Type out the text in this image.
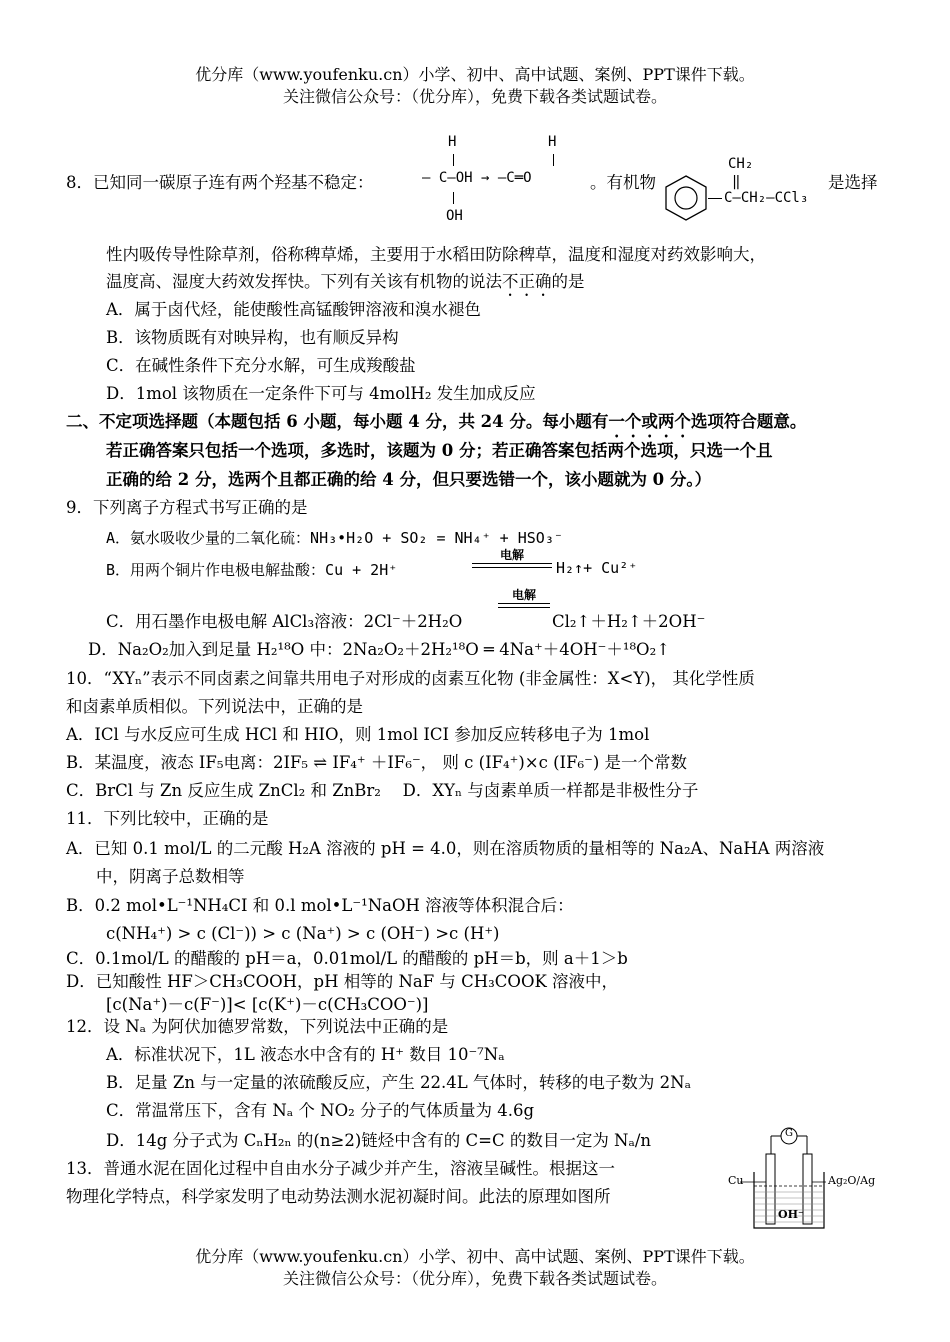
优分库（www.youfenku.cn）小学、初中、高中试题、案例、PPT课件下载。
关注微信公众号：（优分库），免费下载各类试题试卷。
8．已知同一碳原子连有两个羟基不稳定：
H
— C—OH → —C═O
OH
H
。有机物
CH₂
‖
C—CH₂—CCl₃
是选择
性内吸传导性除草剂，俗称稗草烯，主要用于水稻田防除稗草，温度和湿度对药效影响大，
温度高、湿度大药效发挥快。下列有关该有机物的说法不正确的是
A．属于卤代烃，能使酸性高锰酸钾溶液和溴水褪色
B．该物质既有对映异构，也有顺反异构
C．在碱性条件下充分水解，可生成羧酸盐
D．1mol 该物质在一定条件下可与 4molH₂ 发生加成反应
二、不定项选择题（本题包括 6 小题，每小题 4 分，共 24 分。每小题有一个或两个选项符合题意。
若正确答案只包括一个选项，多选时，该题为 0 分；若正确答案包括两个选项，只选一个且
正确的给 2 分，选两个且都正确的给 4 分，但只要选错一个，该小题就为 0 分。）
9．下列离子方程式书写正确的是
A．氨水吸收少量的二氧化硫：NH₃•H₂O + SO₂ = NH₄⁺ + HSO₃⁻
B．用两个铜片作电极电解盐酸：Cu + 2H⁺
电解
H₂↑+ Cu²⁺
C．用石墨作电极电解 AlCl₃溶液：2Cl⁻＋2H₂O
电解
Cl₂↑＋H₂↑＋2OH⁻
D．Na₂O₂加入到足量 H₂¹⁸O 中：2Na₂O₂＋2H₂¹⁸O ═ 4Na⁺＋4OH⁻＋¹⁸O₂↑
10．“XYₙ”表示不同卤素之间靠共用电子对形成的卤素互化物 (非金属性：X<Y)， 其化学性质
和卤素单质相似。下列说法中，正确的是
A．ICl 与水反应可生成 HCl 和 HIO，则 1mol ICI 参加反应转移电子为 1mol
B．某温度，液态 IF₅电离：2IF₅ ⇌ IF₄⁺ ＋IF₆⁻， 则 c (IF₄⁺)×c (IF₆⁻) 是一个常数
C．BrCl 与 Zn 反应生成 ZnCl₂ 和 ZnBr₂　 D．XYₙ 与卤素单质一样都是非极性分子
11．下列比较中，正确的是
A．已知 0.1 mol/L 的二元酸 H₂A 溶液的 pH = 4.0，则在溶质物质的量相等的 Na₂A、NaHA 两溶液
中，阴离子总数相等
B．0.2 mol•L⁻¹NH₄CI 和 0.l mol•L⁻¹NaOH 溶液等体积混合后：
c(NH₄⁺) > c (Cl⁻)) > c (Na⁺) > c (OH⁻) >c (H⁺)
C．0.1mol/L 的醋酸的 pH＝a，0.01mol/L 的醋酸的 pH＝b，则 a＋1＞b
D．已知酸性 HF＞CH₃COOH，pH 相等的 NaF 与 CH₃COOK 溶液中，
[c(Na⁺)－c(F⁻)]< [c(K⁺)－c(CH₃COO⁻)]
12．设 Nₐ 为阿伏加德罗常数，下列说法中正确的是
A．标准状况下，1L 液态水中含有的 H⁺ 数目 10⁻⁷Nₐ
B．足量 Zn 与一定量的浓硫酸反应，产生 22.4L 气体时，转移的电子数为 2Nₐ
C．常温常压下，含有 Nₐ 个 NO₂ 分子的气体质量为 4.6g
D．14g 分子式为 CₙH₂ₙ 的(n≥2)链烃中含有的 C=C 的数目一定为 Nₐ/n
13．普通水泥在固化过程中自由水分子减少并产生，溶液呈碱性。根据这一
物理化学特点，科学家发明了电动势法测水泥初凝时间。此法的原理如图所
G
Cu	Ag₂O/Ag
OH⁻
优分库（www.youfenku.cn）小学、初中、高中试题、案例、PPT课件下载。
关注微信公众号：（优分库），免费下载各类试题试卷。
